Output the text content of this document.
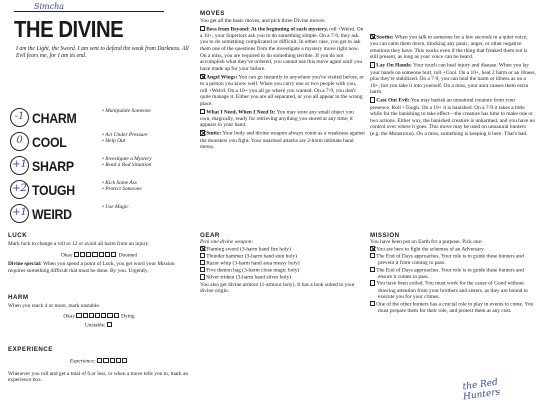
Simcha
THE DIVINE
I am the Light, the Sword. I am sent to defend the weak from Darkness. All Evil fears me, for I am its end.
-1 CHARM	• Manipulate Someone
0 COOL	• Act Under Pressure
• Help Out
+1 SHARP	• Investigate a Mystery
• Read a Bad Situation
+2 TOUGH	• Kick Some Ass
• Protect Someone
+1 WEIRD	• Use Magic
LUCK
Mark luck to change a roll to 12 or avoid all harm from an injury.
Okay	Doomed
Divine special: When you spend a point of Luck, you get word your Mission requires something difficult that must be done. By you. Urgently.
HARM
When you reach 4 or more, mark unstable.
Okay	Dying
Unstable:
EXPERIENCE
Experience:
Whenever you roll and get a total of 6 or less, or when a move tells you to, mark an experience box.
MOVES
You get all the basic moves, and pick three Divine moves:
Boss from Beyond: At the beginning of each mystery, roll +Weird. On a 10+, your Superiors ask you to do something simple. On a 7-9, they ask you to do something complicated or difficult. In either case, you get to ask them one of the questions from the investigate a mystery move right now. On a miss, you are required to do something terrible. If you do not accomplish what they've ordered, you cannot use this move again until you have made up for your failure.
Angel Wings: You can go instantly to anywhere you've visited before, or to a person you know well. When you carry one or two people with you, roll +Weird. On a 10+ you all go where you wanted. On a 7-9, you don't quite manage it. Either you are all separated, or you all appear in the wrong place.
What I Need, When I Need It: You may store any small object you own, magically, ready for retrieving anything you stored at any time; it appears in your hand.
Smite: Your body and divine weapon always count as a weakness against the monsters you fight. Your unarmed attacks are 2-harm intimate hand messy.
GEAR
Pick one divine weapon:
Flaming sword (3-harm hand fire holy)
Thunder hammer (3-harm hand stun holy)
Razor whip (3-harm hand area messy holy)
Five demon bag (3-harm close magic holy)
Silver trident (3-harm hand silver holy)
You also get divine armour (1-armour holy). It has a look suited to your divine origin.
Soothe: When you talk to someone for a few seconds in a quiet voice, you can calm them down, blocking any panic, anger, or other negative emotions they have. This works even if the thing that freaked them out is still present, as long as your voice can be heard.
Lay On Hands: Your touch can heal injury and disease. When you lay your hands on someone hurt, roll +Cool. On a 10+, heal 2 harm or an illness, plus they're stabilized. On a 7-9, you can heal the harm or illness as on a 10+, but you take it into yourself. On a miss, your aura causes them extra harm.
Cast Out Evil: You may banish an unnatural creature from your presence. Roll +Tough. On a 10+ it is banished. On a 7-9 it takes a little while for the banishing to take effect—the creature has time to make one or two actions. Either way, the banished creature is unharmed, and you have no control over where it goes. This move may be used on unnatural hunters (e.g. the Monstrous). On a miss, something is keeping it here. That's bad.
MISSION
You have been put on Earth for a purpose. Pick one:
You are here to fight the schemes of an Adversary.
The End of Days approaches. Your role is to guide these hunters and prevent it from coming to pass.
The End of Days approaches. Your role is to guide these hunters and ensure it comes to pass.
You have been exiled. You must work for the cause of Good without drawing attention from your brothers and sisters, as they are bound to execute you for your crimes.
One of the other hunters has a crucial role to play in events to come. You must prepare them for their role, and protect them at any cost.
the Red Hunters
